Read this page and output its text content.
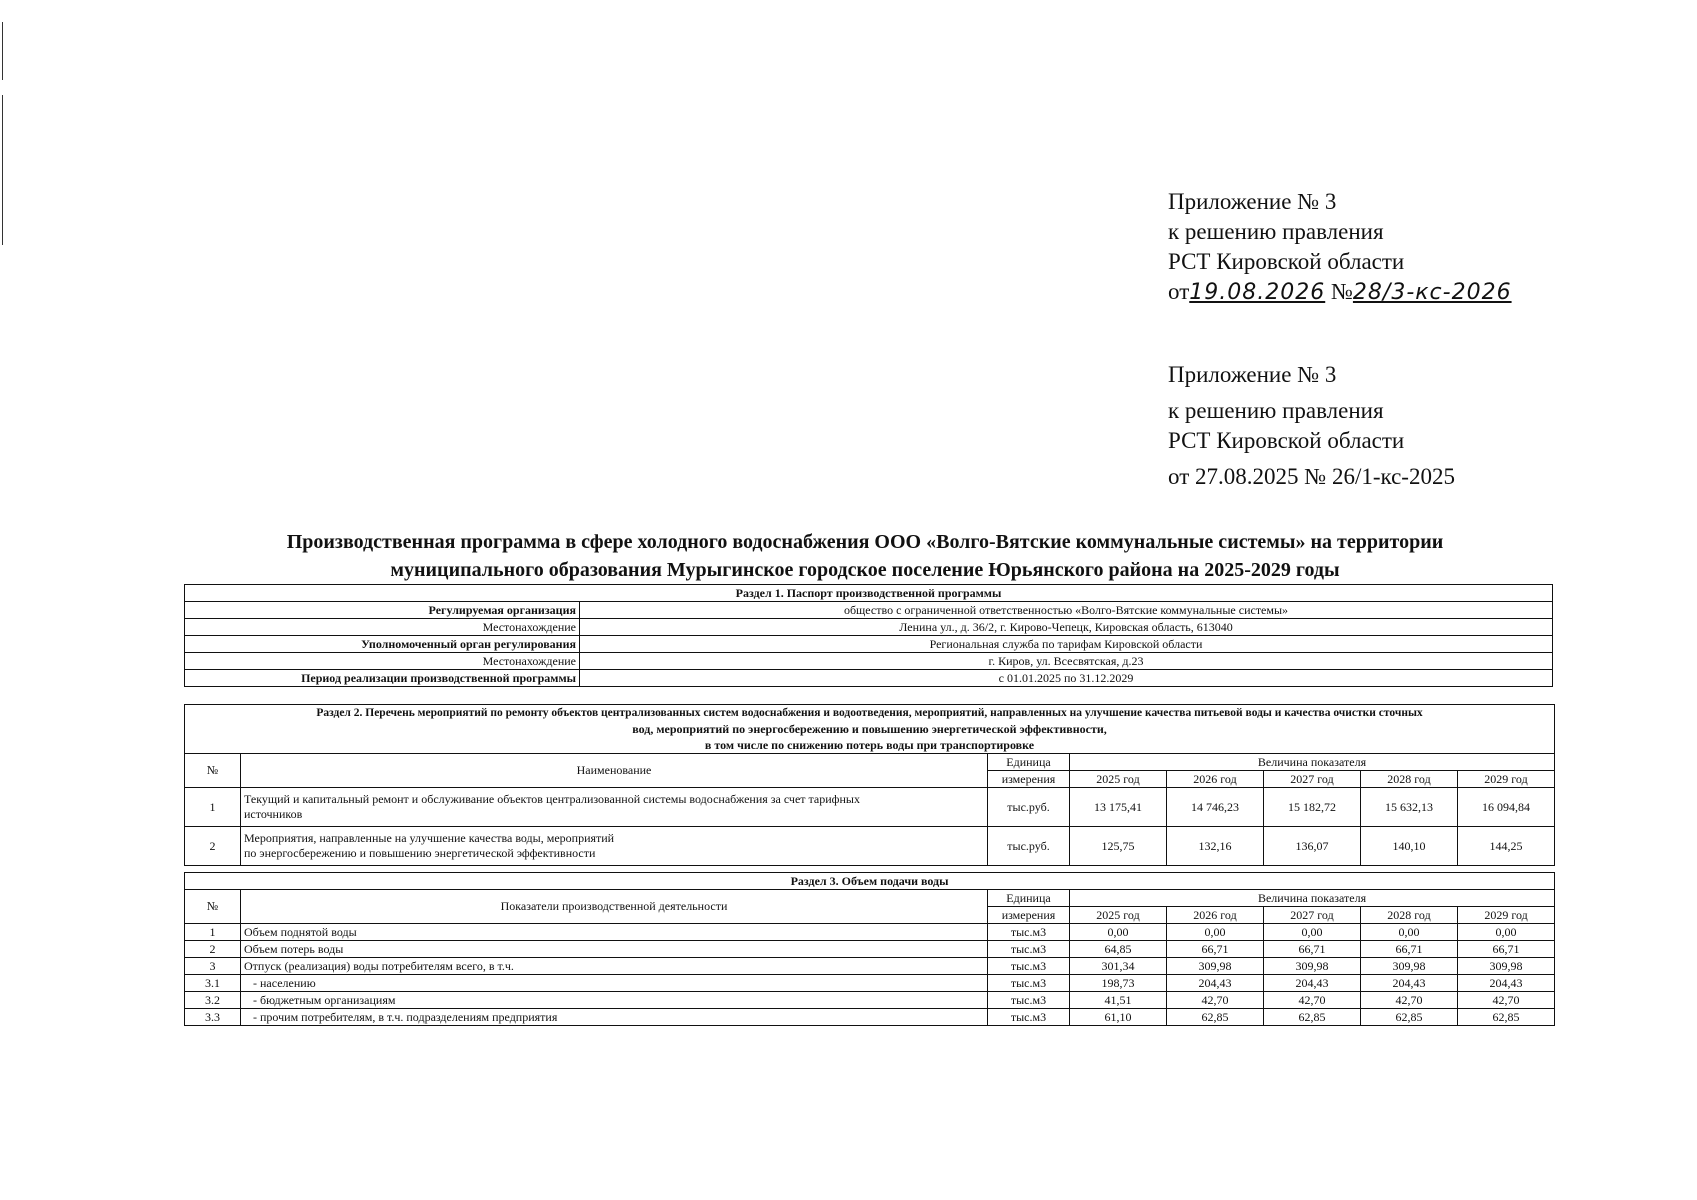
Приложение № 3
к решению правления
РСТ Кировской области
от19.08.2026 №28/3-кс-2026
Приложение № 3
к решению правления
РСТ Кировской области
от 27.08.2025 № 26/1-кс-2025
Производственная программа в сфере холодного водоснабжения ООО «Волго-Вятские коммунальные системы» на территории
муниципального образования Мурыгинское городское поселение Юрьянского района на 2025-2029 годы
Раздел 1. Паспорт производственной программы	
Регулируемая организация	общество с ограниченной ответственностью «Волго-Вятские коммунальные системы»
Местонахождение	Ленина ул., д. 36/2, г. Кирово-Чепецк, Кировская область, 613040
Уполномоченный орган регулирования	Региональная служба по тарифам Кировской области
Местонахождение	г. Киров, ул. Всесвятская, д.23
Период реализации производственной программы	с 01.01.2025 по 31.12.2029
Раздел 2. Перечень мероприятий по ремонту объектов централизованных систем водоснабжения и водоотведения, мероприятий, направленных на улучшение качества питьевой воды и качества очистки сточных
вод, мероприятий по энергосбережению и повышению энергетической эффективности,
в том числе по снижению потерь воды при транспортировке							

№	Наименование	Единица	Величина показателя				
		измерения	2025 год	2026 год	2027 год	2028 год	2029 год
1	Текущий и капитальный ремонт и обслуживание объектов централизованной системы водоснабжения за счет тарифных
источников	тыс.руб.	13 175,41	14 746,23	15 182,72	15 632,13	16 094,84
2	Мероприятия, направленные на улучшение качества воды, мероприятий
по энергосбережению и повышению энергетической эффективности	тыс.руб.	125,75	132,16	136,07	140,10	144,25
Раздел 3. Объем подачи воды							
№	Показатели производственной деятельности	Единица	Величина показателя				
		измерения	2025 год	2026 год	2027 год	2028 год	2029 год
1	Объем поднятой воды	тыс.м3	0,00	0,00	0,00	0,00	0,00
2	Объем потерь воды	тыс.м3	64,85	66,71	66,71	66,71	66,71
3	Отпуск (реализация) воды потребителям всего, в т.ч.	тыс.м3	301,34	309,98	309,98	309,98	309,98
3.1	- населению	тыс.м3	198,73	204,43	204,43	204,43	204,43
3.2	- бюджетным организациям	тыс.м3	41,51	42,70	42,70	42,70	42,70
3.3	- прочим потребителям, в т.ч. подразделениям предприятия	тыс.м3	61,10	62,85	62,85	62,85	62,85
